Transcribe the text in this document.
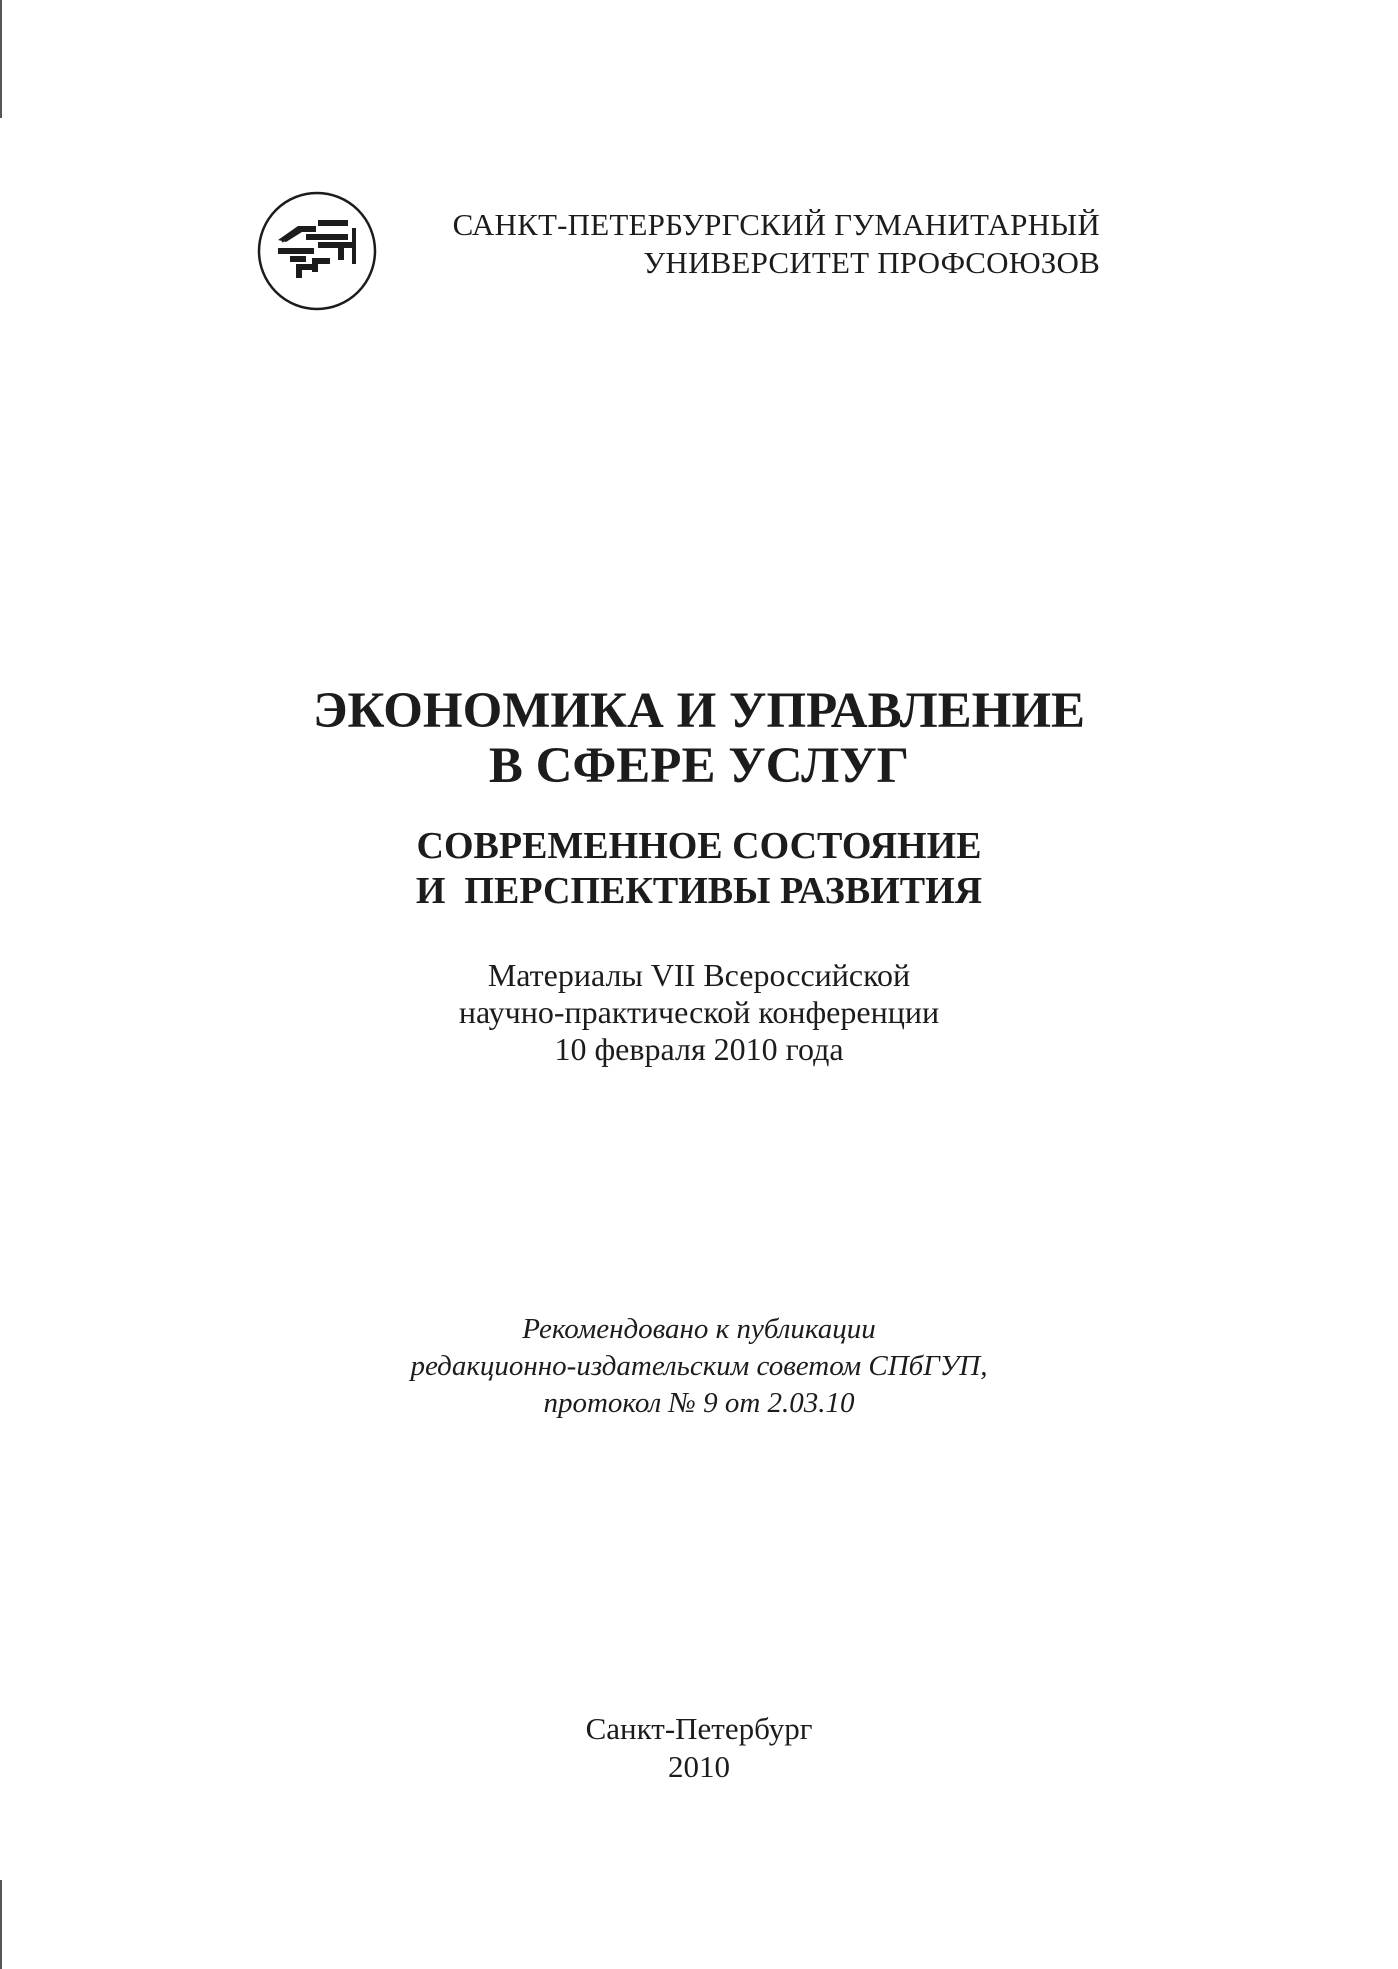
САНКТ-ПЕТЕРБУРГСКИЙ ГУМАНИТАРНЫЙ
УНИВЕРСИТЕТ ПРОФСОЮЗОВ
ЭКОНОМИКА И УПРАВЛЕНИЕ
В СФЕРЕ УСЛУГ
СОВРЕМЕННОЕ СОСТОЯНИЕ
И  ПЕРСПЕКТИВЫ РАЗВИТИЯ
Материалы VII Всероссийской
научно-практической конференции
10 февраля 2010 года
Рекомендовано к публикации
редакционно-издательским советом СПбГУП,
протокол № 9 от 2.03.10
Санкт-Петербург
2010
